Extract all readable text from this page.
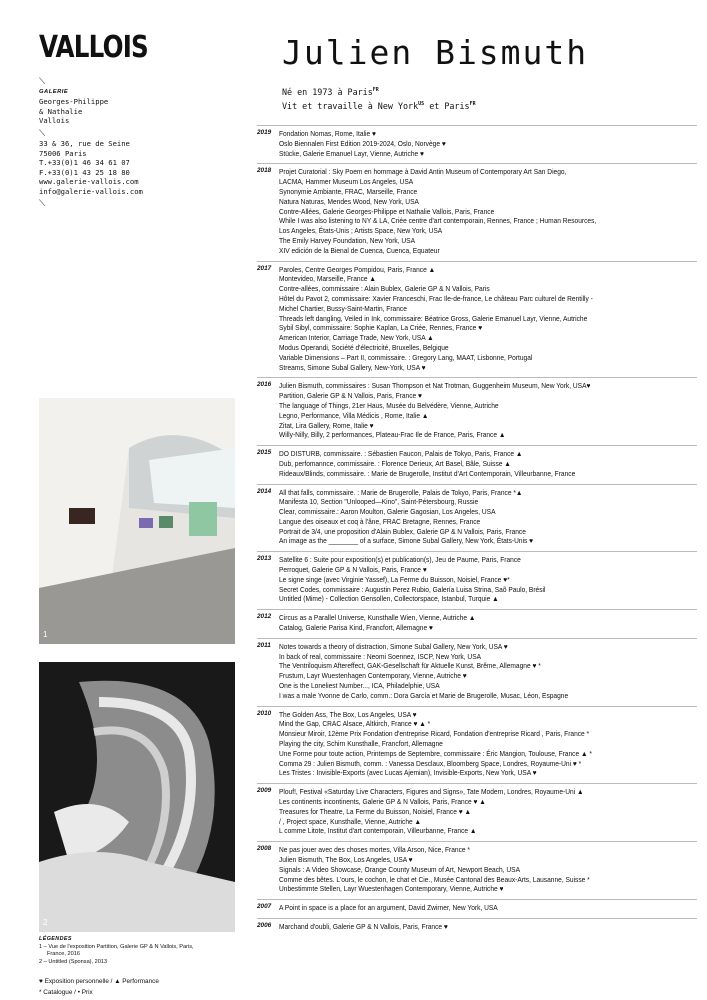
VALLOIS
⟍
GALERIE
Georges-Philippe
& Nathalie
Vallois
⟍
33 & 36, rue de Seine
75006 Paris
T.+33(0)1 46 34 61 07
F.+33(0)1 43 25 18 80
www.galerie-vallois.com
info@galerie-vallois.com
⟍
Julien Bismuth
Né en 1973 à Paris$^{FR}$
Vit et travaille à New York$^{US}$ et Paris$^{FR}$
2019 Fondation Nomas, Rome, Italie ♥
Oslo Biennalen First Edition 2019-2024, Oslo, Norvège ♥
Stücke, Galerie Emanuel Layr, Vienne, Autriche ♥
2018 Projet Curatorial : Sky Poem en hommage à David Antin Museum of Contemporary Art San Diego,
LACMA, Hammer Museum Los Angeles, USA
Synonymie Ambiante, FRAC, Marseille, France
Natura Naturas, Mendes Wood, New York, USA
Contre-Allées, Galerie Georges-Philippe et Nathalie Vallois, Paris, France
While I was also listening to NY & LA, Criée centre d'art contemporain, Rennes, France ; Human Resources,
Los Angeles, États-Unis ; Artists Space, New York, USA
The Emily Harvey Foundation, New York, USA
XIV edición de la Bienal de Cuenca, Cuenca, Equateur
2017 Paroles, Centre Georges Pompidou, Paris, France ▲
Montevideo, Marseille, France ▲
Contre-allées, commissaire : Alain Bublex, Galerie GP & N Vallois, Paris
Hôtel du Pavot 2, commissaire: Xavier Franceschi, Frac Ile-de-france, Le château Parc culturel de Rentilly -
Michel Chartier, Bussy-Saint-Martin, France
Threads left dangling, Veiled in Ink, commissaire: Béatrice Gross, Galerie Emanuel Layr, Vienne, Autriche
Sybil Sibyl, commissaire: Sophie Kaplan, La Criée, Rennes, France ♥
American Interior, Carriage Trade, New York, USA ▲
Modus Operandi, Société d'électricité, Bruxelles, Belgique
Variable Dimensions – Part II, commissaire. : Gregory Lang, MAAT, Lisbonne, Portugal
Streams, Simone Subal Gallery, New-York, USA ♥
2016 Julien Bismuth, commissaires : Susan Thompson et Nat Trotman, Guggenheim Museum, New York, USA♥
Partition, Galerie GP & N Vallois, Paris, France ♥
The language of Things, 21er Haus, Musée du Belvédère, Vienne, Autriche
Legno, Performance, Villa Médicis , Rome, Italie ▲
Zitat, Lira Gallery, Rome, Italie ♥
Willy-Nilly, Billy, 2 performances, Plateau-Frac Ile de France, Paris, France ▲
2015 DO DISTURB, commissaire. : Sébastien Faucon, Palais de Tokyo, Paris, France ▲
Dub, perfomannce, commissaire. : Florence Derieux, Art Basel, Bâle, Suisse ▲
Rideaux/Blinds, commissaire. : Marie de Brugerolle, Institut d'Art Contemporain, Villeurbanne, France
2014 All that falls, commissaire. : Marie de Brugerolle, Palais de Tokyo, Paris, France *▲
Manifesta 10, Section "Unlooped—Kino", Saint-Pétersbourg, Russie
Clear, commissaire.: Aaron Moulton, Galerie Gagosian, Los Angeles, USA
Langue des oiseaux et coq à l'âne, FRAC Bretagne, Rennes, France
Portrait de 3/4, une proposition d'Alain Bublex, Galerie GP & N Vallois, Paris, France
An image as the ________ of a surface, Simone Subal Gallery, New York, États-Unis ♥
2013 Satellite 6 : Suite pour exposition(s) et publication(s), Jeu de Paume, Paris, France
Perroquet, Galerie GP & N Vallois, Paris, France ♥
Le signe singe (avec Virginie Yassef), La Ferme du Buisson, Noisiel, France ♥*
Secret Codes, commissaire : Augustin Perez Rubio, Galería Luisa Strina, Saõ Paulo, Brésil
Untitled (Mime) - Collection Gensollen, Collectorspace, Istanbul, Turquie ▲
2012 Circus as a Parallel Universe, Kunsthalle Wien, Vienne, Autriche ▲
Catalog, Galerie Parisa Kind, Francfort, Allemagne ♥
2011 Notes towards a theory of distraction, Simone Subal Gallery, New York, USA ♥
In back of real, commissaire : Neomi Soennez, ISCP, New York, USA
The Ventriloquism Aftereffect, GAK-Gesellschaft für Aktuelle Kunst, Brême, Allemagne ♥ *
Frustum, Layr Wuestenhagen Contemporary, Vienne, Autriche ♥
One is the Loneliest Number..., ICA, Philadelphie, USA
I was a male Yvonne de Carlo, comm.: Dora García et Marie de Brugerolle, Musac, Léon, Espagne
2010 The Golden Ass, The Box, Los Angeles, USA ♥
Mind the Gap, CRAC Alsace, Altkirch, France ♥ ▲ *
Monsieur Miroir, 12ème Prix Fondation d'entreprise Ricard, Fondation d'entreprise Ricard , Paris, France *
Playing the city, Schirn Kunsthalle, Francfort, Allemagne
Une Forme pour toute action, Printemps de Septembre, commissaire : Éric Mangion, Toulouse, France ▲ *
Comma 29 : Julien Bismuth, comm. : Vanessa Desclaux, Bloomberg Space, Londres, Royaume-Uni ♥ *
Les Tristes : Invisible-Exports (avec Lucas Ajemian), Invisible-Exports, New York, USA ♥
2009 Plouf!, Festival «Saturday Live Characters, Figures and Signs», Tate Modern, Londres, Royaume-Uni ▲
Les continents incontinents, Galerie GP & N Vallois, Paris, France ♥ ▲
Treasures for Theatre, La Ferme du Buisson, Noisiel, France ♥ ▲
/ , Project space, Kunsthalle, Vienne, Autriche ▲
L comme Litote, Institut d'art contemporain, Villeurbanne, France ▲
2008 Ne pas jouer avec des choses mortes, Villa Arson, Nice, France *
Julien Bismuth, The Box, Los Angeles, USA ♥
Signals : A Video Showcase, Orange County Museum of Art, Newport Beach, USA
Comme des bêtes. L'ours, le cochon, le chat et Cie., Musée Cantonal des Beaux-Arts, Lausanne, Suisse *
Unbestimmte Stellen, Layr Wuestenhagen Contemporary, Vienne, Autriche ♥
2007 A Point in space is a place for an argument, David Zwirner, New York, USA
2006 Marchand d'oubli, Galerie GP & N Vallois, Paris, France ♥
1
2
LÉGENDES
1 – Vue de l'exposition Partition, Galerie GP & N Vallois, Paris,
France, 2016
2 – Untitled (Sponsa), 2013
♥ Exposition personnelle / ▲ Performance
* Catalogue / • Prix
